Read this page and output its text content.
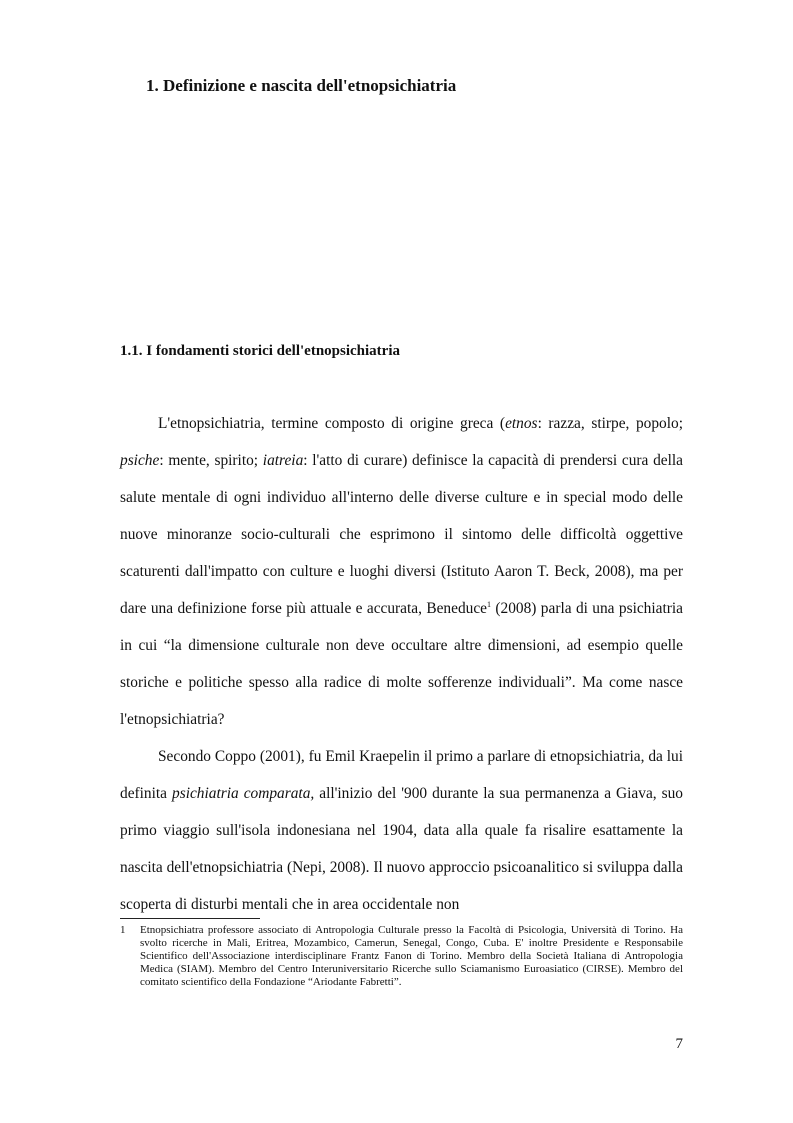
1. Definizione e nascita dell'etnopsichiatria
1.1. I fondamenti storici dell'etnopsichiatria

L'etnopsichiatria, termine composto di origine greca (etnos: razza, stirpe, popolo; psiche: mente, spirito; iatreia: l'atto di curare) definisce la capacità di prendersi cura della salute mentale di ogni individuo all'interno delle diverse culture e in special modo delle nuove minoranze socio-culturali che esprimono il sintomo delle difficoltà oggettive scaturenti dall'impatto con culture e luoghi diversi (Istituto Aaron T. Beck, 2008), ma per dare una definizione forse più attuale e accurata, Beneduce$^1$ (2008) parla di una psichiatria in cui “la dimensione culturale non deve occultare altre dimensioni, ad esempio quelle storiche e politiche spesso alla radice di molte sofferenze individuali”. Ma come nasce l'etnopsichiatria?

Secondo Coppo (2001), fu Emil Kraepelin il primo a parlare di etnopsichiatria, da lui definita psichiatria comparata, all'inizio del '900 durante la sua permanenza a Giava, suo primo viaggio sull'isola indonesiana nel 1904, data alla quale fa risalire esattamente la nascita dell'etnopsichiatria (Nepi, 2008). Il nuovo approccio psicoanalitico si sviluppa dalla scoperta di disturbi mentali che in area occidentale non

1 Etnopsichiatra professore associato di Antropologia Culturale presso la Facoltà di Psicologia, Università di Torino. Ha svolto ricerche in Mali, Eritrea, Mozambico, Camerun, Senegal, Congo, Cuba. E' inoltre Presidente e Responsabile Scientifico dell'Associazione interdisciplinare Frantz Fanon di Torino. Membro della Società Italiana di Antropologia Medica (SIAM). Membro del Centro Interuniversitario Ricerche sullo Sciamanismo Euroasiatico (CIRSE). Membro del comitato scientifico della Fondazione “Ariodante Fabretti”.
7
